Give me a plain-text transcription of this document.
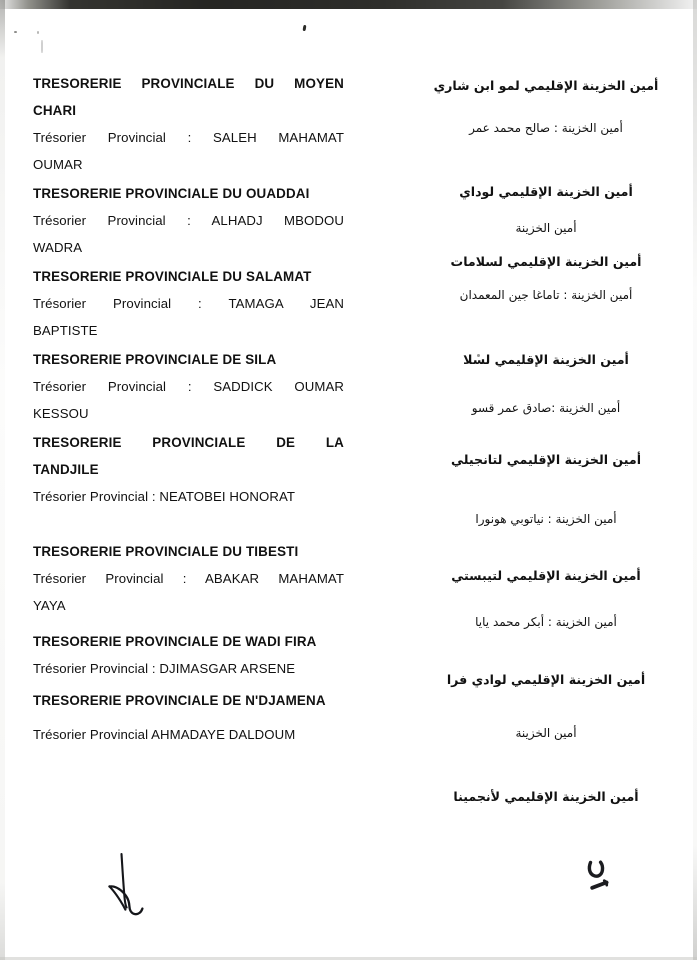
TRESORERIE PROVINCIALE DU MOYEN

CHARI

Trésorier Provincial : SALEH MAHAMAT

OUMAR

TRESORERIE PROVINCIALE DU OUADDAI

Trésorier Provincial : ALHADJ MBODOU

WADRA

TRESORERIE PROVINCIALE DU SALAMAT

Trésorier Provincial : TAMAGA JEAN

BAPTISTE

TRESORERIE PROVINCIALE DE SILA

Trésorier Provincial : SADDICK OUMAR

KESSOU

TRESORERIE PROVINCIALE DE LA

TANDJILE

Trésorier Provincial : NEATOBEI HONORAT

TRESORERIE PROVINCIALE DU TIBESTI

Trésorier Provincial : ABAKAR MAHAMAT

YAYA

TRESORERIE PROVINCIALE DE WADI FIRA

Trésorier Provincial : DJIMASGAR ARSENE

TRESORERIE PROVINCIALE DE N'DJAMENA

Trésorier Provincial AHMADAYE DALDOUM

أمين الخزينة الإقليمي لمو ابن شاري

أمين الخزينة : صالح محمد عمر

أمين الخزينة الإقليمي لوداي

أمين الخزينة

أمين الخزينة الإقليمي لسلامات

أمين الخزينة : تاماغا جين المعمدان

أمين الخزينة الإقليمي لسلا

أمين الخزينة :صادق عمر قسو

أمين الخزينة الإقليمي لتانجيلي

أمين الخزينة : نياتوبي هونورا

أمين الخزينة الإقليمي لتيبستي

أمين الخزينة : أبكر محمد يايا

أمين الخزينة الإقليمي لوادي فرا

أمين الخزينة

أمين الخزينة الإقليمي لأنجمينا
